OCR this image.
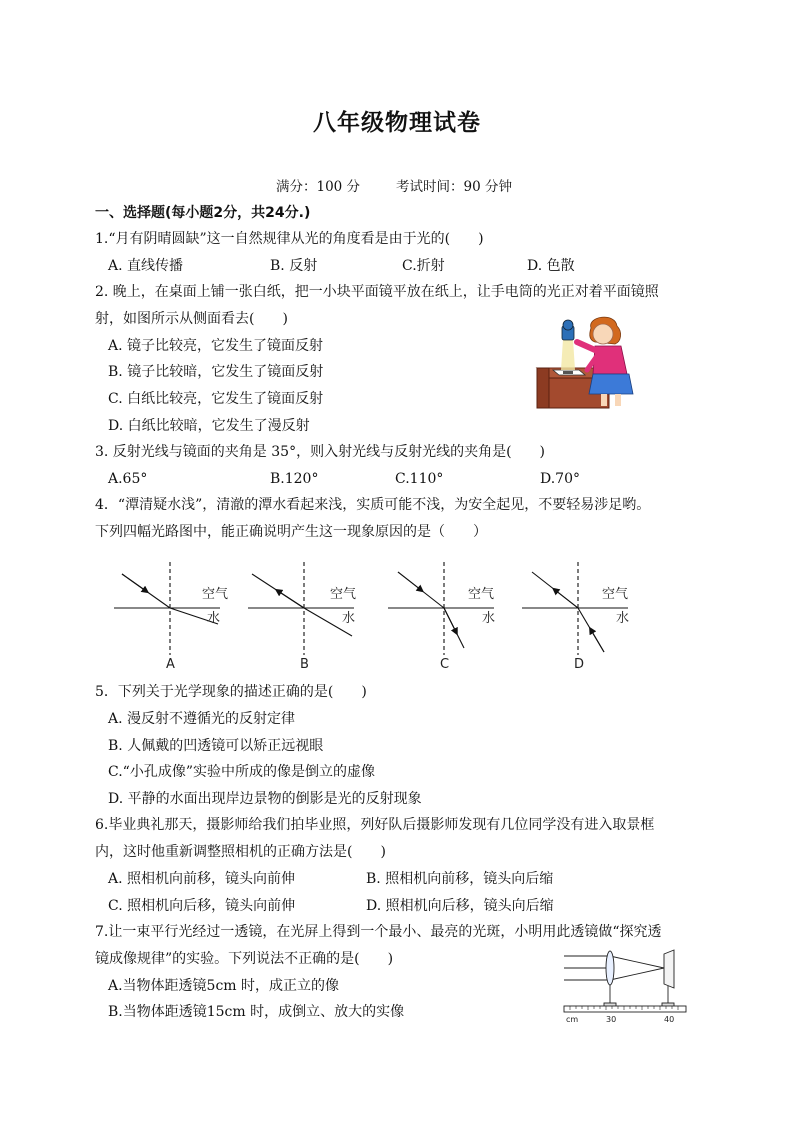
八年级物理试卷
满分：100 分	考试时间：90 分钟
一、选择题(每小题2分，共24分.)
1.“月有阴晴圆缺”这一自然规律从光的角度看是由于光的(　　)
A. 直线传播	B. 反射	C.折射	D. 色散
2. 晚上，在桌面上铺一张白纸，把一小块平面镜平放在纸上，让手电筒的光正对着平面镜照
射，如图所示从侧面看去(　　)
A. 镜子比较亮，它发生了镜面反射
B. 镜子比较暗，它发生了镜面反射
C. 白纸比较亮，它发生了镜面反射
D. 白纸比较暗，它发生了漫反射
3. 反射光线与镜面的夹角是 35°，则入射光线与反射光线的夹角是(　　)
A.65°	B.120°	C.110°	D.70°
4．“潭清疑水浅”，清澈的潭水看起来浅，实质可能不浅，为安全起见，不要轻易涉足哟。
下列四幅光路图中，能正确说明产生这一现象原因的是（　　）
空气
水
空气
水
空气
水
空气
水
A	B	C	D
5．下列关于光学现象的描述正确的是(　　)
A. 漫反射不遵循光的反射定律
B. 人佩戴的凹透镜可以矫正远视眼
C.“小孔成像”实验中所成的像是倒立的虚像
D. 平静的水面出现岸边景物的倒影是光的反射现象
6.毕业典礼那天，摄影师给我们拍毕业照，列好队后摄影师发现有几位同学没有进入取景框
内，这时他重新调整照相机的正确方法是(　　)
A. 照相机向前移，镜头向前伸	B. 照相机向前移，镜头向后缩
C. 照相机向后移，镜头向前伸	D. 照相机向后移，镜头向后缩
7.让一束平行光经过一透镜，在光屏上得到一个最小、最亮的光斑，小明用此透镜做“探究透
镜成像规律”的实验。下列说法不正确的是(　　)
A.当物体距透镜5cm 时，成正立的像
B.当物体距透镜15cm 时，成倒立、放大的实像	cm	30	40
